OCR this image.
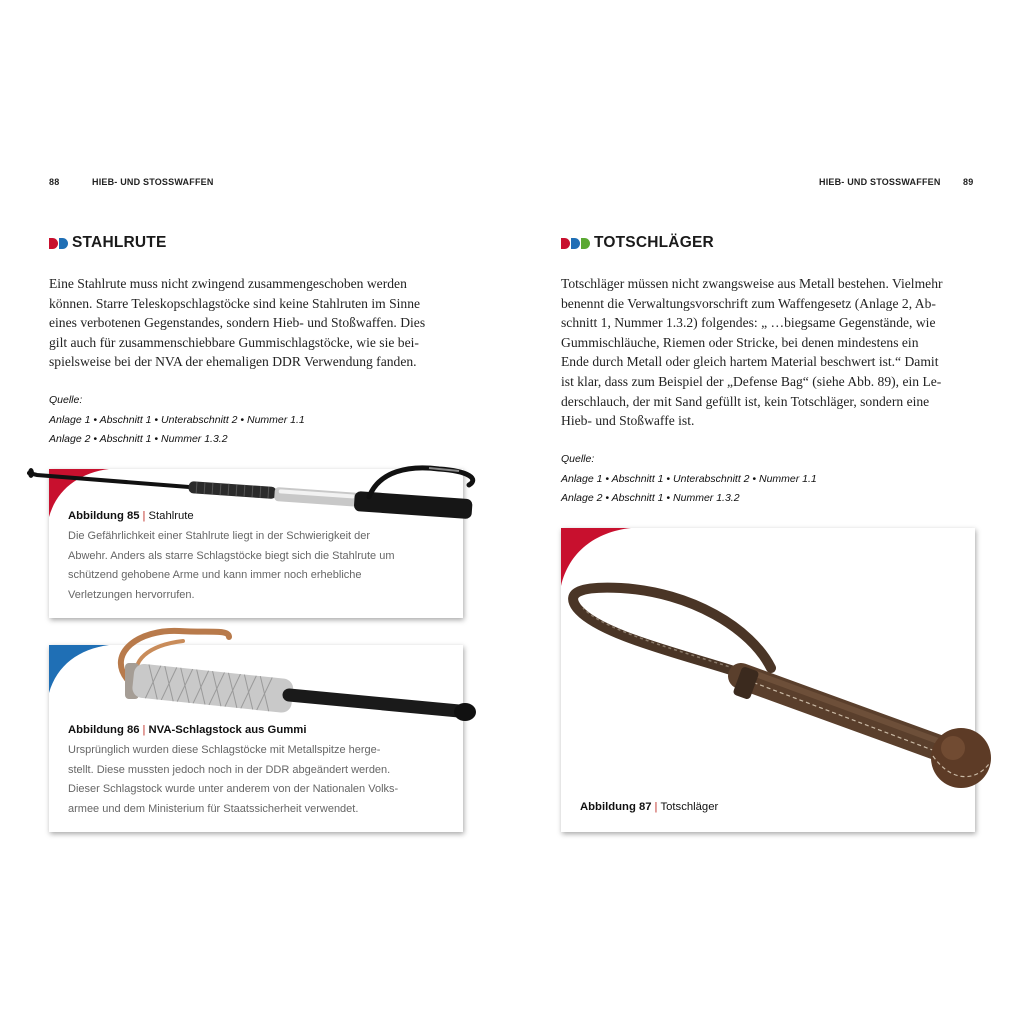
88	HIEB- UND STOSSWAFFEN
STAHLRUTE
Eine Stahlrute muss nicht zwingend zusammengeschoben werden
können. Starre Teleskopschlagstöcke sind keine Stahlruten im Sinne
eines verbotenen Gegenstandes, sondern Hieb- und Stoßwaffen. Dies
gilt auch für zusammenschiebbare Gummischlagstöcke, wie sie bei-
spielsweise bei der NVA der ehemaligen DDR Verwendung fanden.
Quelle:
Anlage 1 • Abschnitt 1 • Unterabschnitt 2 • Nummer 1.1
Anlage 2 • Abschnitt 1 • Nummer 1.3.2
Abbildung 85 | Stahlrute
Die Gefährlichkeit einer Stahlrute liegt in der Schwierigkeit der
Abwehr. Anders als starre Schlagstöcke biegt sich die Stahlrute um
schützend gehobene Arme und kann immer noch erhebliche
Verletzungen hervorrufen.
Abbildung 86 | NVA-Schlagstock aus Gummi
Ursprünglich wurden diese Schlagstöcke mit Metallspitze herge-
stellt. Diese mussten jedoch noch in der DDR abgeändert werden.
Dieser Schlagstock wurde unter anderem von der Nationalen Volks-
armee und dem Ministerium für Staatssicherheit verwendet.
HIEB- UND STOSSWAFFEN 89
TOTSCHLÄGER
Totschläger müssen nicht zwangsweise aus Metall bestehen. Vielmehr
benennt die Verwaltungsvorschrift zum Waffengesetz (Anlage 2, Ab-
schnitt 1, Nummer 1.3.2) folgendes: „ …biegsame Gegenstände, wie
Gummischläuche, Riemen oder Stricke, bei denen mindestens ein
Ende durch Metall oder gleich hartem Material beschwert ist.“ Damit
ist klar, dass zum Beispiel der „Defense Bag“ (siehe Abb. 89), ein Le-
derschlauch, der mit Sand gefüllt ist, kein Totschläger, sondern eine
Hieb- und Stoßwaffe ist.
Quelle:
Anlage 1 • Abschnitt 1 • Unterabschnitt 2 • Nummer 1.1
Anlage 2 • Abschnitt 1 • Nummer 1.3.2
Abbildung 87 | Totschläger
